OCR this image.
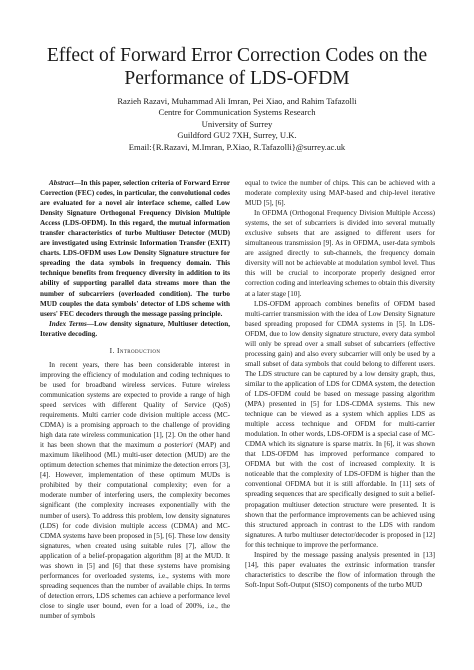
Effect of Forward Error Correction Codes on the
Performance of LDS-OFDM
Razieh Razavi, Muhammad Ali Imran, Pei Xiao, and Rahim Tafazolli
Centre for Communication Systems Research
University of Surrey
Guildford GU2 7XH, Surrey, U.K.
Email:{R.Razavi, M.Imran, P.Xiao, R.Tafazolli}@surrey.ac.uk

Abstract—In this paper, selection criteria of Forward Error Correction (FEC) codes, in particular, the convolutional codes are evaluated for a novel air interface scheme, called Low Density Signature Orthogonal Frequency Division Multiple Access (LDS-OFDM). In this regard, the mutual information transfer characteristics of turbo Multiuser Detector (MUD) are investigated using Extrinsic Information Transfer (EXIT) charts. LDS-OFDM uses Low Density Signature structure for spreading the data symbols in frequency domain. This technique benefits from frequency diversity in addition to its ability of supporting parallel data streams more than the number of subcarriers (overloaded condition). The turbo MUD couples the data symbols' detector of LDS scheme with users' FEC decoders through the message passing principle.

Index Terms—Low density signature, Multiuser detection, Iterative decoding.

I. Introduction

In recent years, there has been considerable interest in improving the efficiency of modulation and coding techniques to be used for broadband wireless services. Future wireless communication systems are expected to provide a range of high speed services with different Quality of Service (QoS) requirements. Multi carrier code division multiple access (MC-CDMA) is a promising approach to the challenge of providing high data rate wireless communication [1], [2]. On the other hand it has been shown that the maximum a posteriori (MAP) and maximum likelihood (ML) multi-user detection (MUD) are the optimum detection schemes that minimize the detection errors [3], [4]. However, implementation of these optimum MUDs is prohibited by their computational complexity; even for a moderate number of interfering users, the complexity becomes significant (the complexity increases exponentially with the number of users). To address this problem, low density signatures (LDS) for code division multiple access (CDMA) and MC-CDMA systems have been proposed in [5], [6]. These low density signatures, when created using suitable rules [7], allow the application of a belief-propagation algorithm [8] at the MUD. It was shown in [5] and [6] that these systems have promising performances for overloaded systems, i.e., systems with more spreading sequences than the number of available chips. In terms of detection errors, LDS schemes can achieve a performance level close to single user bound, even for a load of 200%, i.e., the number of symbols

equal to twice the number of chips. This can be achieved with a moderate complexity using MAP-based and chip-level iterative MUD [5], [6].

In OFDMA (Orthogonal Frequency Division Multiple Access) systems, the set of subcarriers is divided into several mutually exclusive subsets that are assigned to different users for simultaneous transmission [9]. As in OFDMA, user-data symbols are assigned directly to sub-channels, the frequency domain diversity will not be achievable at modulation symbol level. Thus this will be crucial to incorporate properly designed error correction coding and interleaving schemes to obtain this diversity at a later stage [10].

LDS-OFDM approach combines benefits of OFDM based multi-carrier transmission with the idea of Low Density Signature based spreading proposed for CDMA systems in [5]. In LDS-OFDM, due to low density signature structure, every data symbol will only be spread over a small subset of subcarriers (effective processing gain) and also every subcarrier will only be used by a small subset of data symbols that could belong to different users. The LDS structure can be captured by a low density graph, thus, similar to the application of LDS for CDMA system, the detection of LDS-OFDM could be based on message passing algorithm (MPA) presented in [5] for LDS-CDMA systems. This new technique can be viewed as a system which applies LDS as multiple access technique and OFDM for multi-carrier modulation. In other words, LDS-OFDM is a special case of MC-CDMA which its signature is sparse matrix. In [6], it was shown that LDS-OFDM has improved performance compared to OFDMA but with the cost of increased complexity. It is noticeable that the complexity of LDS-OFDM is higher than the conventional OFDMA but it is still affordable. In [11] sets of spreading sequences that are specifically designed to suit a belief-propagation multiuser detection structure were presented. It is shown that the performance improvements can be achieved using this structured approach in contrast to the LDS with random signatures. A turbo multiuser detector/decoder is proposed in [12] for this technique to improve the performance.

Inspired by the message passing analysis presented in [13] [14], this paper evaluates the extrinsic information transfer characteristics to describe the flow of information through the Soft-Input Soft-Output (SISO) components of the turbo MUD
